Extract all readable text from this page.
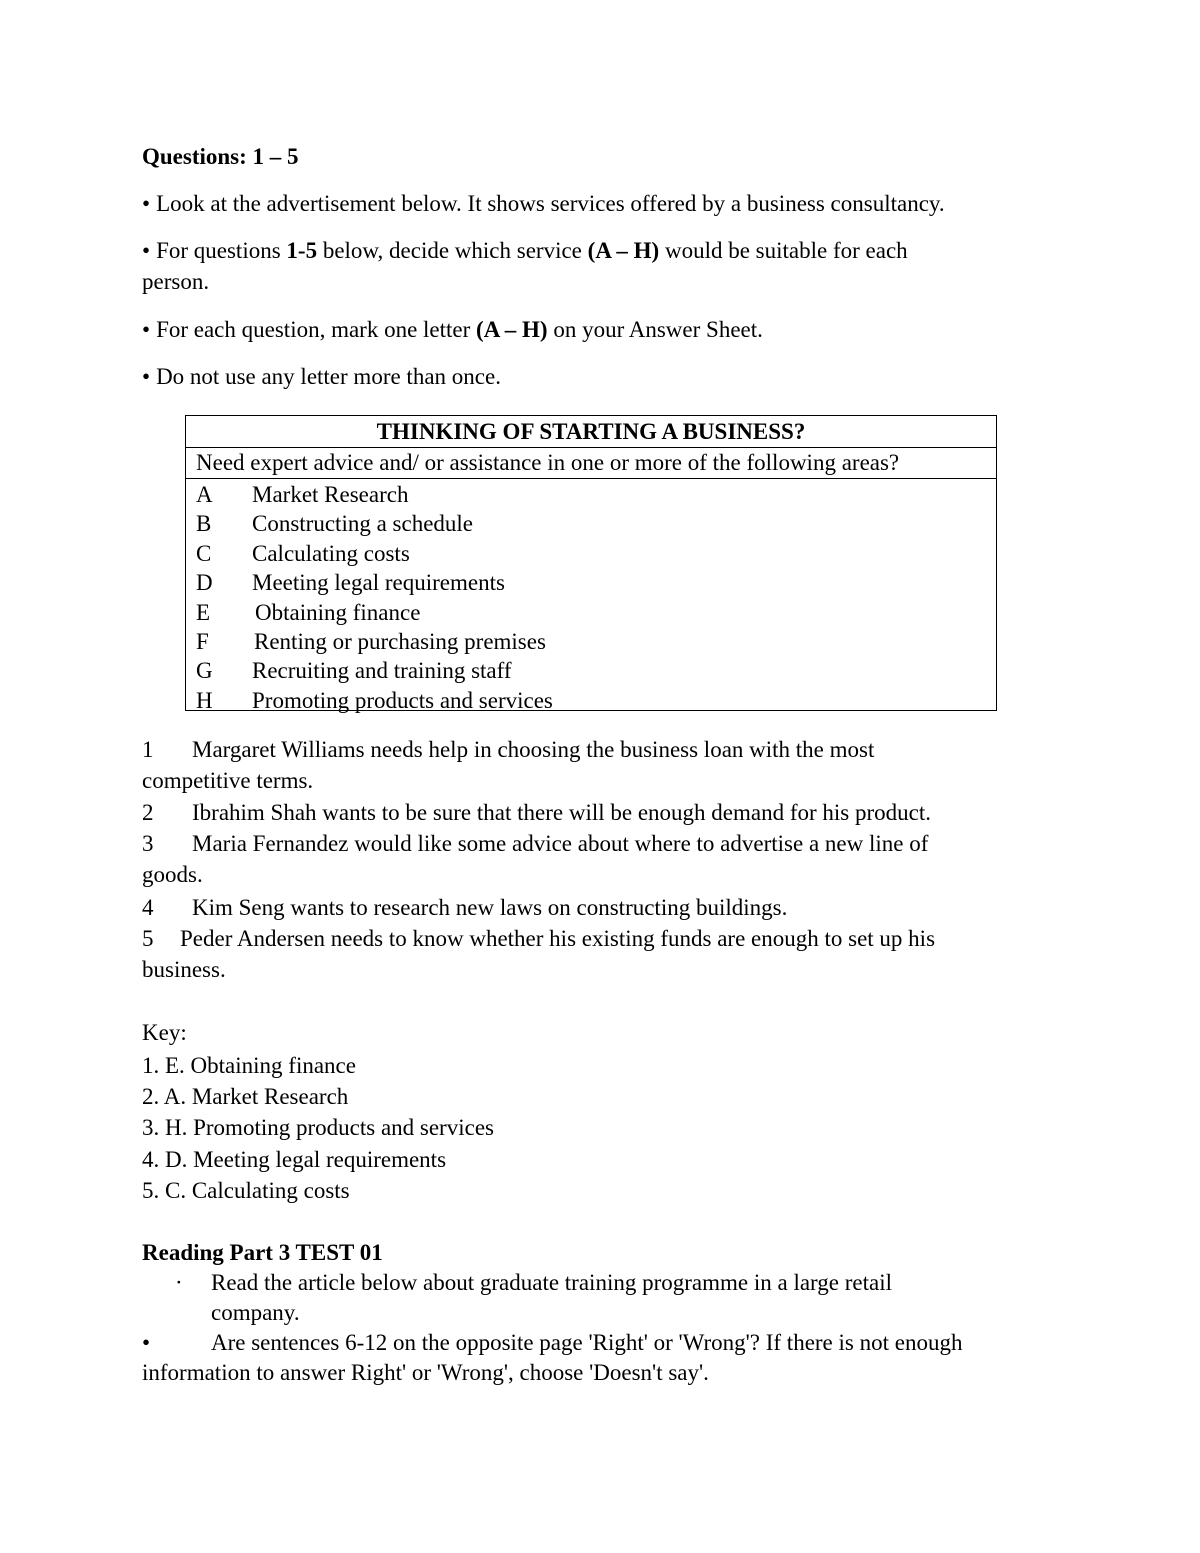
Questions: 1 – 5
• Look at the advertisement below. It shows services offered by a business consultancy.
• For questions 1-5 below, decide which service (A – H) would be suitable for each
person.
• For each question, mark one letter (A – H) on your Answer Sheet.
• Do not use any letter more than once.
THINKING OF STARTING A BUSINESS?
Need expert advice and/ or assistance in one or more of the following areas?
A Market Research
B Constructing a schedule
C Calculating costs
D Meeting legal requirements
E Obtaining finance
F Renting or purchasing premises
G Recruiting and training staff
H Promoting products and services
1 Margaret Williams needs help in choosing the business loan with the most
competitive terms.
2 Ibrahim Shah wants to be sure that there will be enough demand for his product.
3 Maria Fernandez would like some advice about where to advertise a new line of
goods.
4 Kim Seng wants to research new laws on constructing buildings.
5 Peder Andersen needs to know whether his existing funds are enough to set up his
business.
Key:
1. E. Obtaining finance
2. A. Market Research
3. H. Promoting products and services
4. D. Meeting legal requirements
5. C. Calculating costs
Reading Part 3 TEST 01
· Read the article below about graduate training programme in a large retail
company.
•	Are sentences 6-12 on the opposite page 'Right' or 'Wrong'? If there is not enough
information to answer Right' or 'Wrong', choose 'Doesn't say'.
